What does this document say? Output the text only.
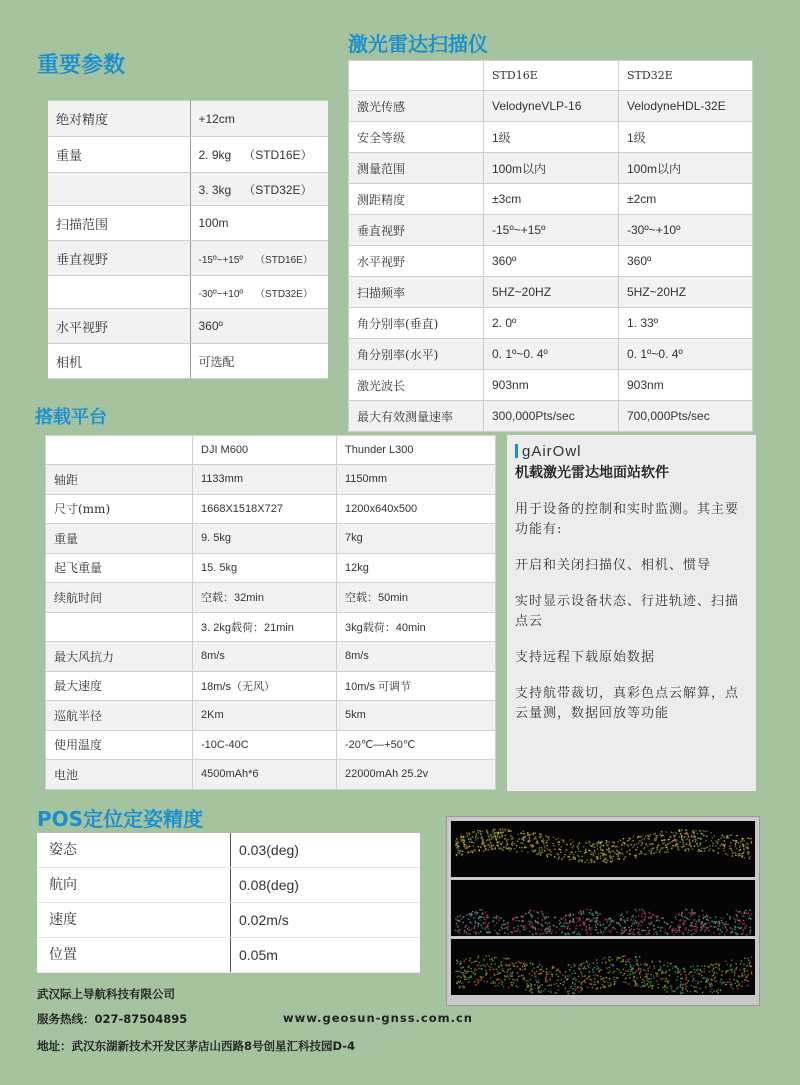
重要参数
激光雷达扫描仪
搭载平台
POS定位定姿精度
绝对精度	+12cm
重量	2. 9kg （STD16E）
	3. 3kg （STD32E）
扫描范围	100m
垂直视野	-15º~+15º （STD16E）
	-30º~+10º （STD32E）
水平视野	360º
相机	可选配
	STD16E	STD32E
激光传感	VelodyneVLP-16	VelodyneHDL-32E
安全等级	1级	1级
测量范围	100m以内	100m以内
测距精度	±3cm	±2cm
垂直视野	-15º~+15º	-30º~+10º
水平视野	360º	360º
扫描频率	5HZ~20HZ	5HZ~20HZ
角分别率(垂直)	2. 0º	1. 33º
角分别率(水平)	0. 1º~0. 4º	0. 1º~0. 4º
激光波长	903nm	903nm
最大有效测量速率	300,000Pts/sec	700,000Pts/sec
	DJI M600	Thunder L300
轴距	1133mm	1150mm
尺寸(mm)	1668X1518X727	1200x640x500
重量	9. 5kg	7kg
起飞重量	15. 5kg	12kg
续航时间	空载：32min	空载：50min
	3. 2kg载荷：21min	3kg载荷：40min
最大风抗力	8m/s	8m/s
最大速度	18m/s（无风）	10m/s 可调节
巡航半径	2Km	5km
使用温度	-10C-40C	-20℃—+50℃
电池	4500mAh*6	22000mAh 25.2v
gAirOwl
机载激光雷达地面站软件

用于设备的控制和实时监测。其主要功能有:

开启和关闭扫描仪、相机、惯导

实时显示设备状态、行进轨迹、扫描点云

支持远程下载原始数据

支持航带裁切，真彩色点云解算，点云量测，数据回放等功能

姿态	0.03(deg)
航向	0.08(deg)
速度	0.02m/s
位置	0.05m
武汉际上导航科技有限公司
服务热线：027-87504895	www.geosun-gnss.com.cn
地址：武汉东湖新技术开发区茅店山西路8号创星汇科技园D-4
